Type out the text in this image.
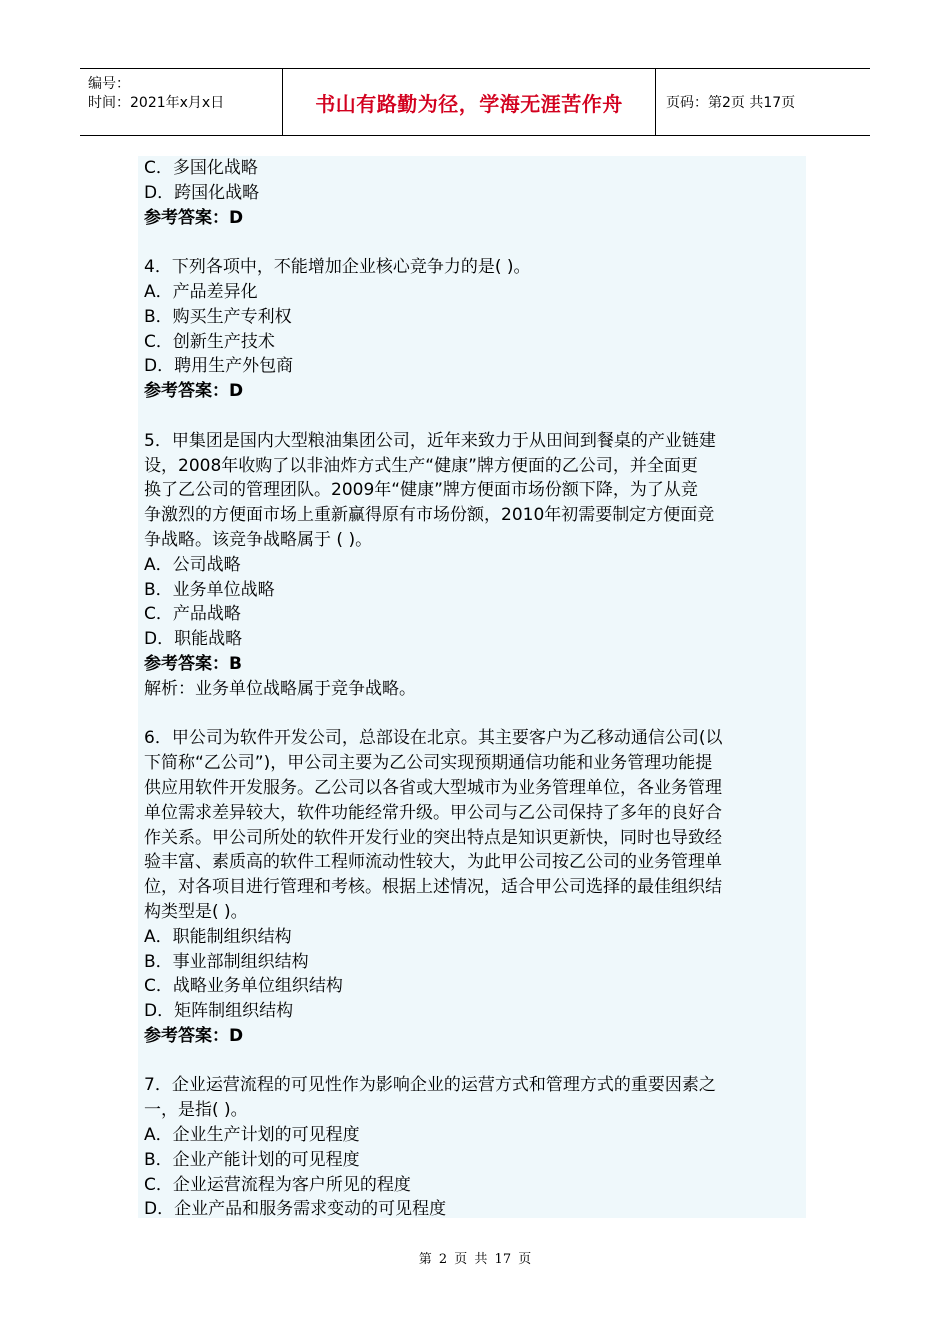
编号：
时间：2021年x月x日	书山有路勤为径，学海无涯苦作舟	页码：第2页 共17页
C．多国化战略
D．跨国化战略
参考答案：D
4．下列各项中，不能增加企业核心竞争力的是( )。
A．产品差异化
B．购买生产专利权
C．创新生产技术
D．聘用生产外包商
参考答案：D
5．甲集团是国内大型粮油集团公司，近年来致力于从田间到餐桌的产业链建
设，2008年收购了以非油炸方式生产“健康”牌方便面的乙公司，并全面更
换了乙公司的管理团队。2009年“健康”牌方便面市场份额下降，为了从竞
争激烈的方便面市场上重新赢得原有市场份额，2010年初需要制定方便面竞
争战略。该竞争战略属于 ( )。
A．公司战略
B．业务单位战略
C．产品战略
D．职能战略
参考答案：B
解析：业务单位战略属于竞争战略。
6．甲公司为软件开发公司，总部设在北京。其主要客户为乙移动通信公司(以
下简称“乙公司”)，甲公司主要为乙公司实现预期通信功能和业务管理功能提
供应用软件开发服务。乙公司以各省或大型城市为业务管理单位，各业务管理
单位需求差异较大，软件功能经常升级。甲公司与乙公司保持了多年的良好合
作关系。甲公司所处的软件开发行业的突出特点是知识更新快，同时也导致经
验丰富、素质高的软件工程师流动性较大，为此甲公司按乙公司的业务管理单
位，对各项目进行管理和考核。根据上述情况，适合甲公司选择的最佳组织结
构类型是( )。
A．职能制组织结构
B．事业部制组织结构
C．战略业务单位组织结构
D．矩阵制组织结构
参考答案：D
7．企业运营流程的可见性作为影响企业的运营方式和管理方式的重要因素之
一，是指( )。
A．企业生产计划的可见程度
B．企业产能计划的可见程度
C．企业运营流程为客户所见的程度
D．企业产品和服务需求变动的可见程度
第 2 页 共 17 页
